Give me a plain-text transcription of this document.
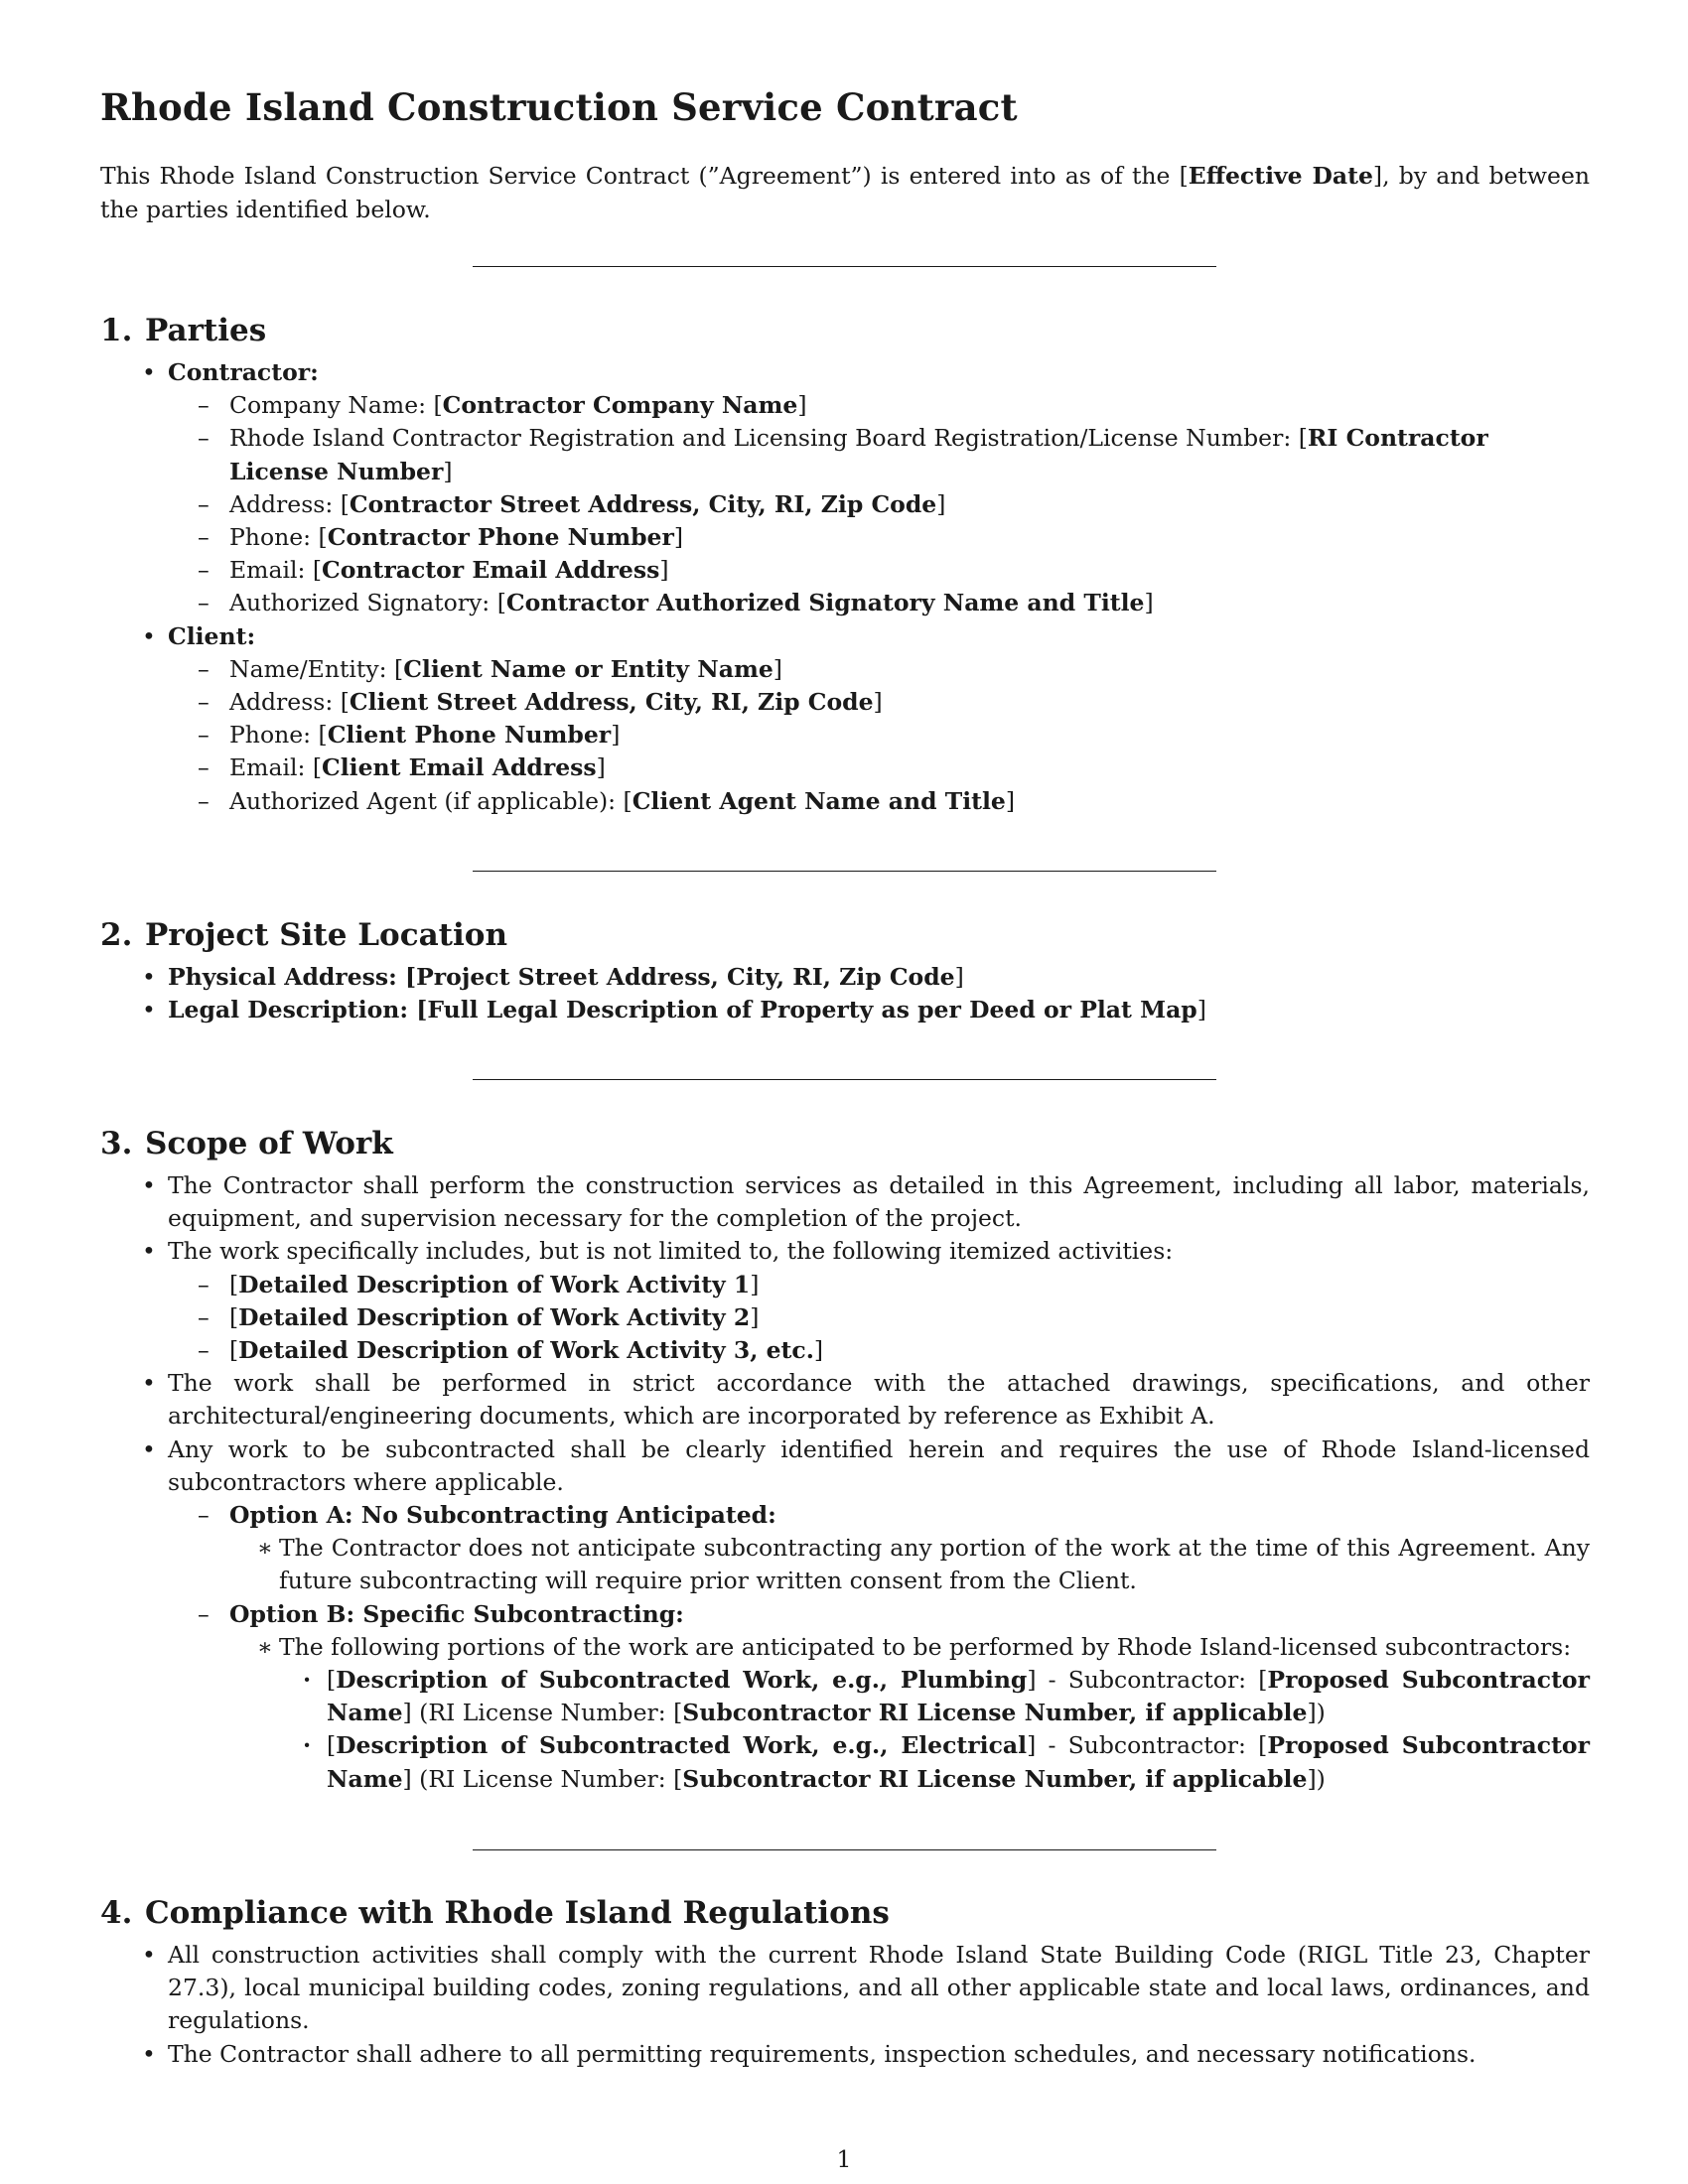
Rhode Island Construction Service Contract

This Rhode Island Construction Service Contract (”Agreement”) is entered into as of the [Effective Date], by and between the parties identified below.

1. Parties
• Contractor:
– Company Name: [Contractor Company Name]
– Rhode Island Contractor Registration and Licensing Board Registration/License Number: [RI Contractor License Number]
– Address: [Contractor Street Address, City, RI, Zip Code]
– Phone: [Contractor Phone Number]
– Email: [Contractor Email Address]
– Authorized Signatory: [Contractor Authorized Signatory Name and Title]
• Client:
– Name/Entity: [Client Name or Entity Name]
– Address: [Client Street Address, City, RI, Zip Code]
– Phone: [Client Phone Number]
– Email: [Client Email Address]
– Authorized Agent (if applicable): [Client Agent Name and Title]
2. Project Site Location
• Physical Address: [Project Street Address, City, RI, Zip Code]
• Legal Description: [Full Legal Description of Property as per Deed or Plat Map]
3. Scope of Work
• The Contractor shall perform the construction services as detailed in this Agreement, including all labor, materials, equipment, and supervision necessary for the completion of the project.
• The work specifically includes, but is not limited to, the following itemized activities:
– [Detailed Description of Work Activity 1]
– [Detailed Description of Work Activity 2]
– [Detailed Description of Work Activity 3, etc.]
• The work shall be performed in strict accordance with the attached drawings, specifications, and other architectural/engineering documents, which are incorporated by reference as Exhibit A.
• Any work to be subcontracted shall be clearly identified herein and requires the use of Rhode Island-licensed subcontractors where applicable.
– Option A: No Subcontracting Anticipated:
∗ The Contractor does not anticipate subcontracting any portion of the work at the time of this Agreement. Any future subcontracting will require prior written consent from the Client.
– Option B: Specific Subcontracting:
∗ The following portions of the work are anticipated to be performed by Rhode Island-licensed subcontractors:
· [Description of Subcontracted Work, e.g., Plumbing] - Subcontractor: [Proposed Subcontractor Name] (RI License Number: [Subcontractor RI License Number, if applicable])
· [Description of Subcontracted Work, e.g., Electrical] - Subcontractor: [Proposed Subcontractor Name] (RI License Number: [Subcontractor RI License Number, if applicable])
4. Compliance with Rhode Island Regulations
• All construction activities shall comply with the current Rhode Island State Building Code (RIGL Title 23, Chapter 27.3), local municipal building codes, zoning regulations, and all other applicable state and local laws, ordinances, and regulations.
• The Contractor shall adhere to all permitting requirements, inspection schedules, and necessary notifications.
1
